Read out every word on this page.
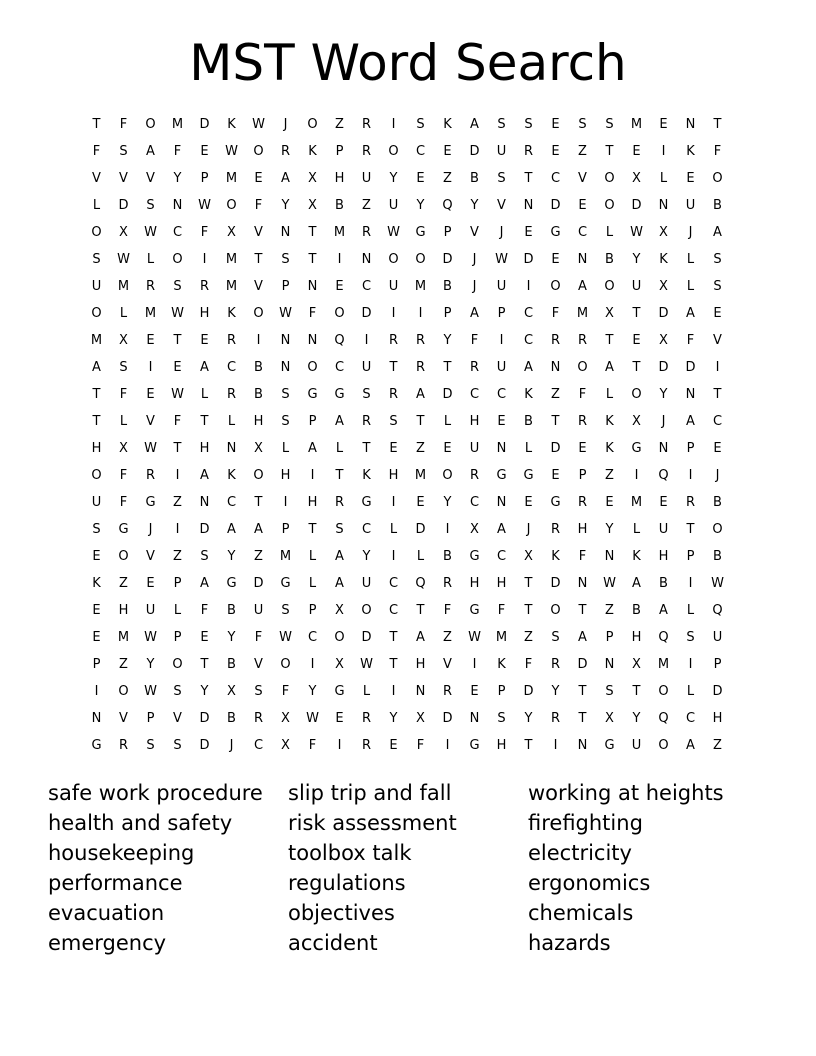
MST Word Search
T	F	O	M	D	K	W	J	O	Z	R	I	S	K	A	S	S	E	S	S	M	E	N	T
F	S	A	F	E	W	O	R	K	P	R	O	C	E	D	U	R	E	Z	T	E	I	K	F
V	V	V	Y	P	M	E	A	X	H	U	Y	E	Z	B	S	T	C	V	O	X	L	E	O
L	D	S	N	W	O	F	Y	X	B	Z	U	Y	Q	Y	V	N	D	E	O	D	N	U	B
O	X	W	C	F	X	V	N	T	M	R	W	G	P	V	J	E	G	C	L	W	X	J	A
S	W	L	O	I	M	T	S	T	I	N	O	O	D	J	W	D	E	N	B	Y	K	L	S
U	M	R	S	R	M	V	P	N	E	C	U	M	B	J	U	I	O	A	O	U	X	L	S
O	L	M	W	H	K	O	W	F	O	D	I	I	P	A	P	C	F	M	X	T	D	A	E
M	X	E	T	E	R	I	N	N	Q	I	R	R	Y	F	I	C	R	R	T	E	X	F	V
A	S	I	E	A	C	B	N	O	C	U	T	R	T	R	U	A	N	O	A	T	D	D	I
T	F	E	W	L	R	B	S	G	G	S	R	A	D	C	C	K	Z	F	L	O	Y	N	T
T	L	V	F	T	L	H	S	P	A	R	S	T	L	H	E	B	T	R	K	X	J	A	C
H	X	W	T	H	N	X	L	A	L	T	E	Z	E	U	N	L	D	E	K	G	N	P	E
O	F	R	I	A	K	O	H	I	T	K	H	M	O	R	G	G	E	P	Z	I	Q	I	J
U	F	G	Z	N	C	T	I	H	R	G	I	E	Y	C	N	E	G	R	E	M	E	R	B
S	G	J	I	D	A	A	P	T	S	C	L	D	I	X	A	J	R	H	Y	L	U	T	O
E	O	V	Z	S	Y	Z	M	L	A	Y	I	L	B	G	C	X	K	F	N	K	H	P	B
K	Z	E	P	A	G	D	G	L	A	U	C	Q	R	H	H	T	D	N	W	A	B	I	W
E	H	U	L	F	B	U	S	P	X	O	C	T	F	G	F	T	O	T	Z	B	A	L	Q
E	M	W	P	E	Y	F	W	C	O	D	T	A	Z	W	M	Z	S	A	P	H	Q	S	U
P	Z	Y	O	T	B	V	O	I	X	W	T	H	V	I	K	F	R	D	N	X	M	I	P
I	O	W	S	Y	X	S	F	Y	G	L	I	N	R	E	P	D	Y	T	S	T	O	L	D
N	V	P	V	D	B	R	X	W	E	R	Y	X	D	N	S	Y	R	T	X	Y	Q	C	H
G	R	S	S	D	J	C	X	F	I	R	E	F	I	G	H	T	I	N	G	U	O	A	Z
safe work procedure	slip trip and fall	working at heights
health and safety	risk assessment	firefighting
housekeeping	toolbox talk	electricity
performance	regulations	ergonomics
evacuation	objectives	chemicals
emergency	accident	hazards
